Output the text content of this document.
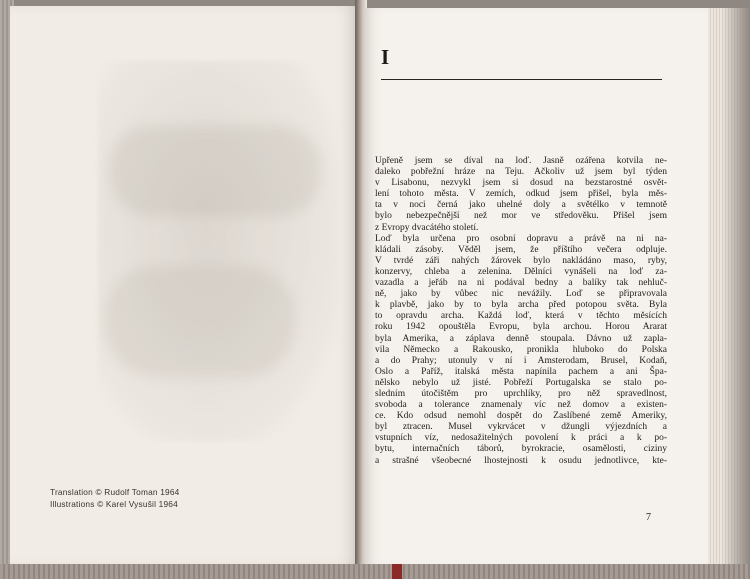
Translation © Rudolf Toman 1964
Illustrations © Karel Vysušil 1964
I
Upřeně jsem se díval na loď. Jasně ozářena kotvila ne-
daleko pobřežní hráze na Teju. Ačkoliv už jsem byl týden
v Lisabonu, nezvykl jsem si dosud na bezstarostné osvět-
lení tohoto města. V zemích, odkud jsem přišel, byla měs-
ta v noci černá jako uhelné doly a světélko v temnotě
bylo nebezpečnější než mor ve středověku. Přišel jsem
z Evropy dvacátého století.
Loď byla určena pro osobní dopravu a právě na ni na-
kládali zásoby. Věděl jsem, že příštího večera odpluje.
V tvrdé záři nahých žárovek bylo nakládáno maso, ryby,
konzervy, chleba a zelenina. Dělníci vynášeli na loď za-
vazadla a jeřáb na ni podával bedny a balíky tak nehluč-
ně, jako by vůbec nic nevážily. Loď se připravovala
k plavbě, jako by to byla archa před potopou světa. Byla
to opravdu archa. Každá loď, která v těchto měsících
roku 1942 opouštěla Evropu, byla archou. Horou Ararat
byla Amerika, a záplava denně stoupala. Dávno už zapla-
vila Německo a Rakousko, pronikla hluboko do Polska
a do Prahy; utonuly v ní i Amsterodam, Brusel, Kodaň,
Oslo a Paříž, italská města napínila pachem a ani Špa-
nělsko nebylo už jisté. Pobřeží Portugalska se stalo po-
sledním útočištěm pro uprchlíky, pro něž spravedlnost,
svoboda a tolerance znamenaly víc než domov a existen-
ce. Kdo odsud nemohl dospět do Zaslíbené země Ameriky,
byl ztracen. Musel vykrvácet v džungli výjezdních a
vstupních víz, nedosažitelných povolení k práci a k po-
bytu, internačních táborů, byrokracie, osamělosti, ciziny
a strašné všeobecné lhostejnosti k osudu jednotlivce, kte-
7
